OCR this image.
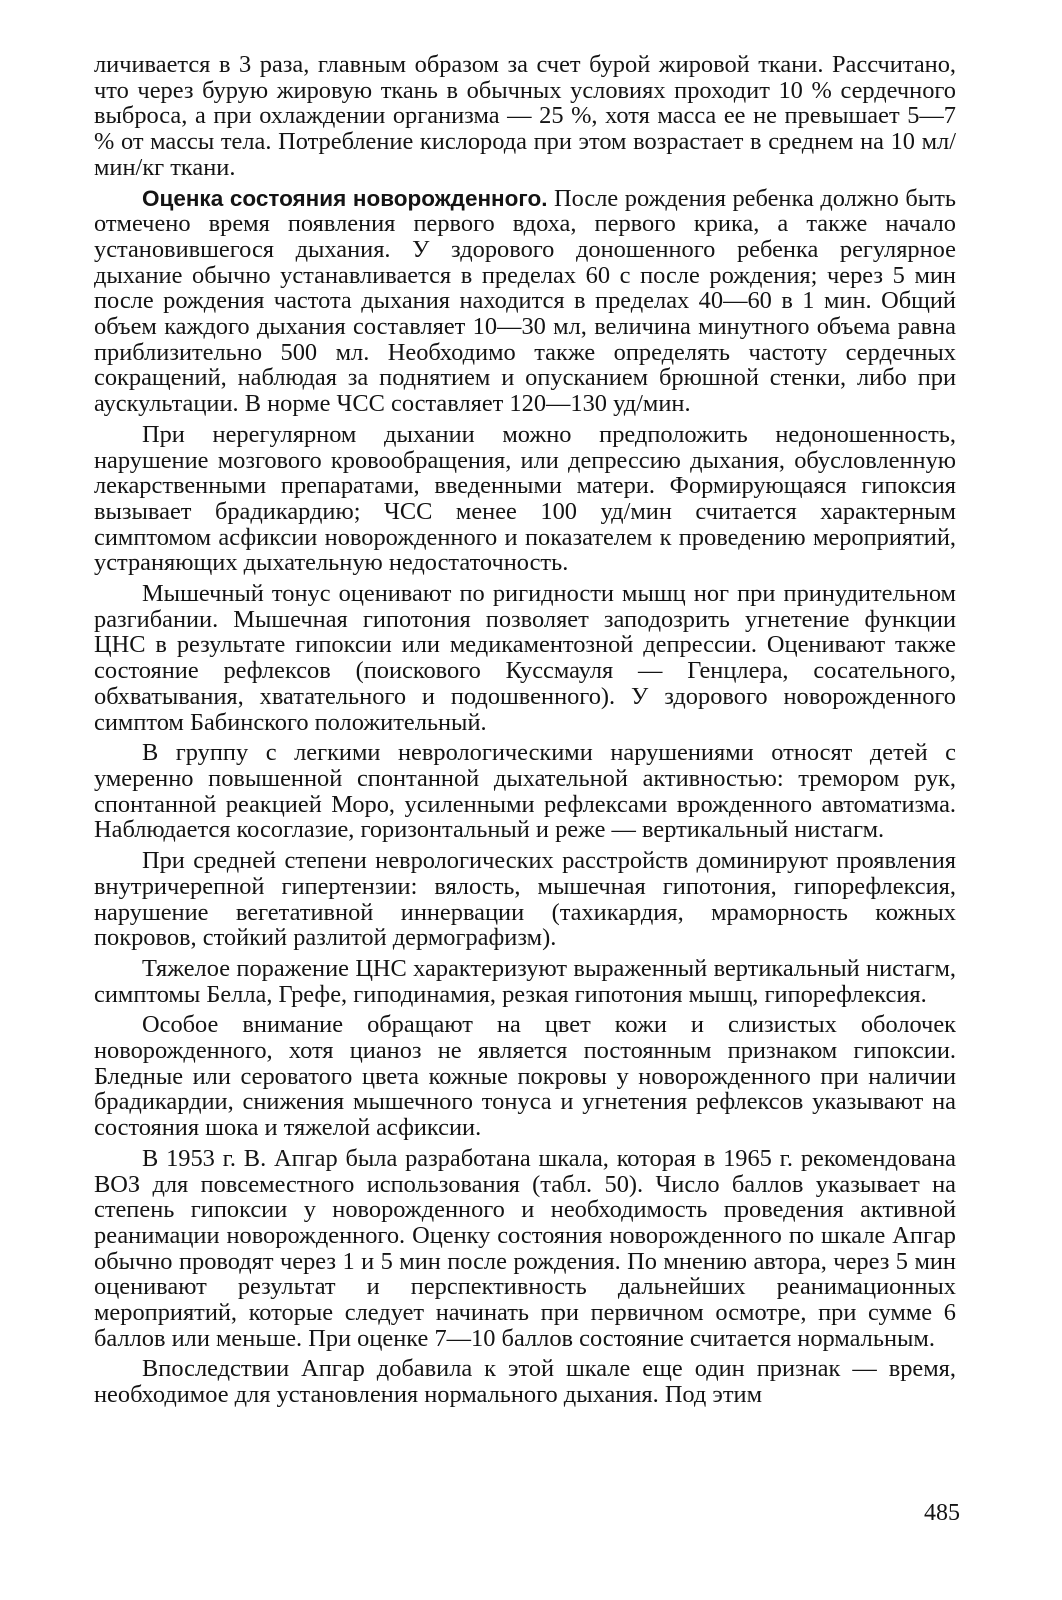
личивается в 3 раза, главным образом за счет бурой жировой ткани. Рассчитано, что через бурую жировую ткань в обычных условиях проходит 10 % сердечного выброса, а при охлаждении организма — 25 %, хотя масса ее не превышает 5—7 % от массы тела. Потребление кислорода при этом возрастает в среднем на 10 мл/мин/кг ткани.

Оценка состояния новорожденного. После рождения ребенка должно быть отмечено время появления первого вдоха, первого крика, а также начало установившегося дыхания. У здорового доношенного ребенка регулярное дыхание обычно устанавливается в пределах 60 с после рождения; через 5 мин после рождения частота дыхания находится в пределах 40—60 в 1 мин. Общий объем каждого дыхания составляет 10—30 мл, величина минутного объема равна приблизительно 500 мл. Необходимо также определять частоту сердечных сокращений, наблюдая за поднятием и опусканием брюшной стенки, либо при аускультации. В норме ЧСС составляет 120—130 уд/мин.

При нерегулярном дыхании можно предположить недоношенность, нарушение мозгового кровообращения, или депрессию дыхания, обусловленную лекарственными препаратами, введенными матери. Формирующаяся гипоксия вызывает брадикардию; ЧСС менее 100 уд/мин считается характерным симптомом асфиксии новорожденного и показателем к проведению мероприятий, устраняющих дыхательную недостаточность.

Мышечный тонус оценивают по ригидности мышц ног при принудительном разгибании. Мышечная гипотония позволяет заподозрить угнетение функции ЦНС в результате гипоксии или медикаментозной депрессии. Оценивают также состояние рефлексов (поискового Куссмауля — Генцлера, сосательного, обхватывания, хватательного и подошвенного). У здорового новорожденного симптом Бабинского положительный.

В группу с легкими неврологическими нарушениями относят детей с умеренно повышенной спонтанной дыхательной активностью: тремором рук, спонтанной реакцией Моро, усиленными рефлексами врожденного автоматизма. Наблюдается косоглазие, горизонтальный и реже — вертикальный нистагм.

При средней степени неврологических расстройств доминируют проявления внутричерепной гипертензии: вялость, мышечная гипотония, гипорефлексия, нарушение вегетативной иннервации (тахикардия, мраморность кожных покровов, стойкий разлитой дермографизм).

Тяжелое поражение ЦНС характеризуют выраженный вертикальный нистагм, симптомы Белла, Грефе, гиподинамия, резкая гипотония мышц, гипорефлексия.

Особое внимание обращают на цвет кожи и слизистых оболочек новорожденного, хотя цианоз не является постоянным признаком гипоксии. Бледные или сероватого цвета кожные покровы у новорожденного при наличии брадикардии, снижения мышечного тонуса и угнетения рефлексов указывают на состояния шока и тяжелой асфиксии.

В 1953 г. В. Апгар была разработана шкала, которая в 1965 г. рекомендована ВОЗ для повсеместного использования (табл. 50). Число баллов указывает на степень гипоксии у новорожденного и необходимость проведения активной реанимации новорожденного. Оценку состояния новорожденного по шкале Апгар обычно проводят через 1 и 5 мин после рождения. По мнению автора, через 5 мин оценивают результат и перспективность дальнейших реанимационных мероприятий, которые следует начинать при первичном осмотре, при сумме 6 баллов или меньше. При оценке 7—10 баллов состояние считается нормальным.

Впоследствии Апгар добавила к этой шкале еще один признак — время, необходимое для установления нормального дыхания. Под этим

485
